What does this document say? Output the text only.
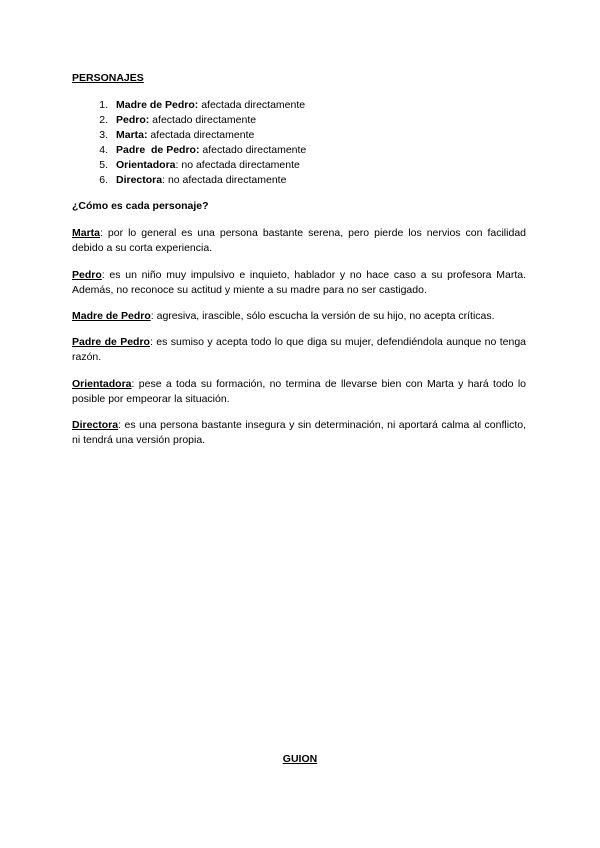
PERSONAJES
1. Madre de Pedro: afectada directamente
2. Pedro: afectado directamente
3. Marta: afectada directamente
4. Padre  de Pedro: afectado directamente
5. Orientadora: no afectada directamente
6. Directora: no afectada directamente
¿Cómo es cada personaje?

Marta: por lo general es una persona bastante serena, pero pierde los nervios con facilidad debido a su corta experiencia.

Pedro: es un niño muy impulsivo e inquieto, hablador y no hace caso a su profesora Marta. Además, no reconoce su actitud y miente a su madre para no ser castigado.

Madre de Pedro: agresiva, irascible, sólo escucha la versión de su hijo, no acepta críticas.

Padre de Pedro: es sumiso y acepta todo lo que diga su mujer, defendiéndola aunque no tenga razón.

Orientadora: pese a toda su formación, no termina de llevarse bien con Marta y hará todo lo posible por empeorar la situación.

Directora: es una persona bastante insegura y sin determinación, ni aportará calma al conflicto, ni tendrá una versión propia.

GUION
